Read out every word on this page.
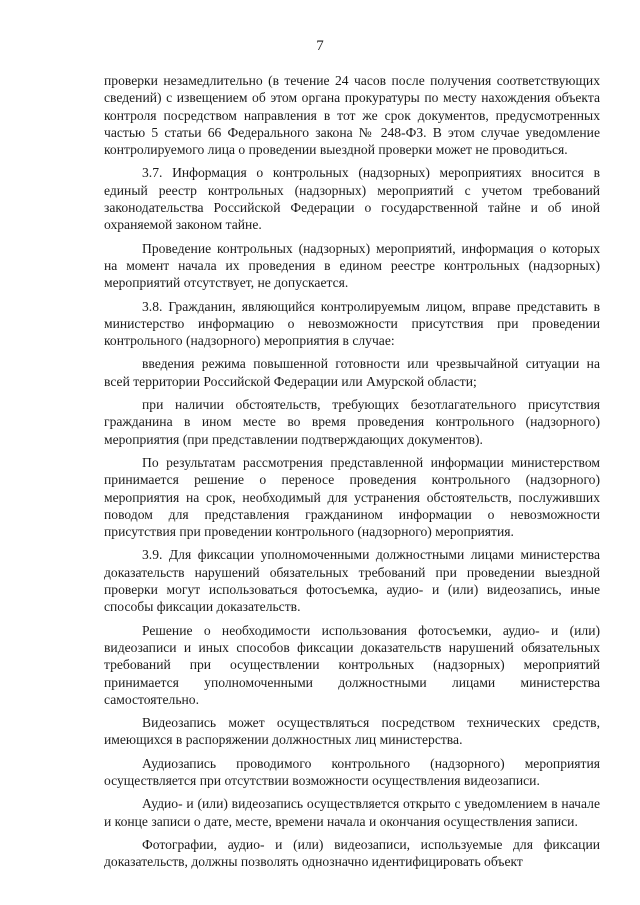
7

проверки незамедлительно (в течение 24 часов после получения соответствующих сведений) с извещением об этом органа прокуратуры по месту нахождения объекта контроля посредством направления в тот же срок документов, предусмотренных частью 5 статьи 66 Федерального закона № 248-ФЗ. В этом случае уведомление контролируемого лица о проведении выездной проверки может не проводиться.

3.7. Информация о контрольных (надзорных) мероприятиях вносится в единый реестр контрольных (надзорных) мероприятий с учетом требований законодательства Российской Федерации о государственной тайне и об иной охраняемой законом тайне.

Проведение контрольных (надзорных) мероприятий, информация о которых на момент начала их проведения в едином реестре контрольных (надзорных) мероприятий отсутствует, не допускается.

3.8. Гражданин, являющийся контролируемым лицом, вправе представить в министерство информацию о невозможности присутствия при проведении контрольного (надзорного) мероприятия в случае:

введения режима повышенной готовности или чрезвычайной ситуации на всей территории Российской Федерации или Амурской области;

при наличии обстоятельств, требующих безотлагательного присутствия гражданина в ином месте во время проведения контрольного (надзорного) мероприятия (при представлении подтверждающих документов).

По результатам рассмотрения представленной информации министерством принимается решение о переносе проведения контрольного (надзорного) мероприятия на срок, необходимый для устранения обстоятельств, послуживших поводом для представления гражданином информации о невозможности присутствия при проведении контрольного (надзорного) мероприятия.

3.9. Для фиксации уполномоченными должностными лицами министерства доказательств нарушений обязательных требований при проведении выездной проверки могут использоваться фотосъемка, аудио- и (или) видеозапись, иные способы фиксации доказательств.

Решение о необходимости использования фотосъемки, аудио- и (или) видеозаписи и иных способов фиксации доказательств нарушений обязательных требований при осуществлении контрольных (надзорных) мероприятий принимается уполномоченными должностными лицами министерства самостоятельно.

Видеозапись может осуществляться посредством технических средств, имеющихся в распоряжении должностных лиц министерства.

Аудиозапись проводимого контрольного (надзорного) мероприятия осуществляется при отсутствии возможности осуществления видеозаписи.

Аудио- и (или) видеозапись осуществляется открыто с уведомлением в начале и конце записи о дате, месте, времени начала и окончания осуществления записи.

Фотографии, аудио- и (или) видеозаписи, используемые для фиксации доказательств, должны позволять однозначно идентифицировать объект
